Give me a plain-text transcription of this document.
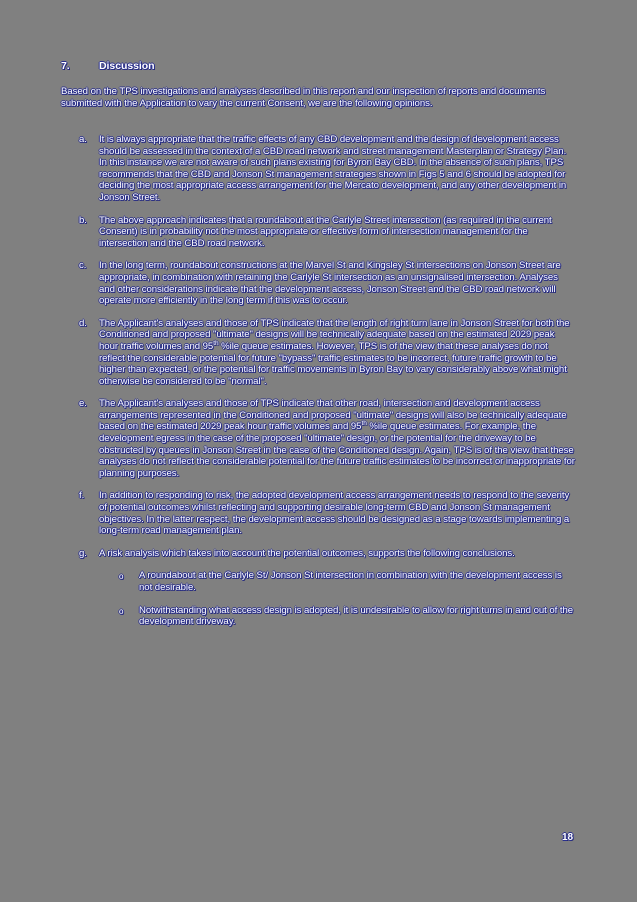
7.	Discussion

Based on the TPS investigations and analyses described in this report and our inspection of reports and documents submitted with the Application to vary the current Consent, we are the following opinions.

a.	It is always appropriate that the traffic effects of any CBD development and the design of development access should be assessed in the context of a CBD road network and street management Masterplan or Strategy Plan. In this instance we are not aware of such plans existing for Byron Bay CBD. In the absence of such plans, TPS recommends that the CBD and Jonson St management strategies shown in Figs 5 and 6 should be adopted for deciding the most appropriate access arrangement for the Mercato development, and any other development in Jonson Street.
b.	The above approach indicates that a roundabout at the Carlyle Street intersection (as required in the current Consent) is in probability not the most appropriate or effective form of intersection management for the intersection and the CBD road network.
c.	In the long term, roundabout constructions at the Marvel St and Kingsley St intersections on Jonson Street are appropriate, in combination with retaining the Carlyle St intersection as an unsignalised intersection. Analyses and other considerations indicate that the development access, Jonson Street and the CBD road network will operate more efficiently in the long term if this was to occur.
d.	The Applicant's analyses and those of TPS indicate that the length of right turn lane in Jonson Street for both the Conditioned and proposed "ultimate" designs will be technically adequate based on the estimated 2029 peak hour traffic volumes and 95th %ile queue estimates. However, TPS is of the view that these analyses do not reflect the considerable potential for future "bypass" traffic estimates to be incorrect, future traffic growth to be higher than expected, or the potential for traffic movements in Byron Bay to vary considerably above what might otherwise be considered to be "normal".
e.	The Applicant's analyses and those of TPS indicate that other road, intersection and development access arrangements represented in the Conditioned and proposed "ultimate" designs will also be technically adequate based on the estimated 2029 peak hour traffic volumes and 95th %ile queue estimates. For example, the development egress in the case of the proposed "ultimate" design, or the potential for the driveway to be obstructed by queues in Jonson Street in the case of the Conditioned design. Again, TPS is of the view that these analyses do not reflect the considerable potential for the future traffic estimates to be incorrect or inappropriate for planning purposes.
f.	In addition to responding to risk, the adopted development access arrangement needs to respond to the severity of potential outcomes whilst reflecting and supporting desirable long-term CBD and Jonson St management objectives. In the latter respect, the development access should be designed as a stage towards implementing a long-term road management plan.
g.	A risk analysis which takes into account the potential outcomes, supports the following conclusions.
o	A roundabout at the Carlyle St/ Jonson St intersection in combination with the development access is not desirable.
o	Notwithstanding what access design is adopted, it is undesirable to allow for right turns in and out of the development driveway.
18
